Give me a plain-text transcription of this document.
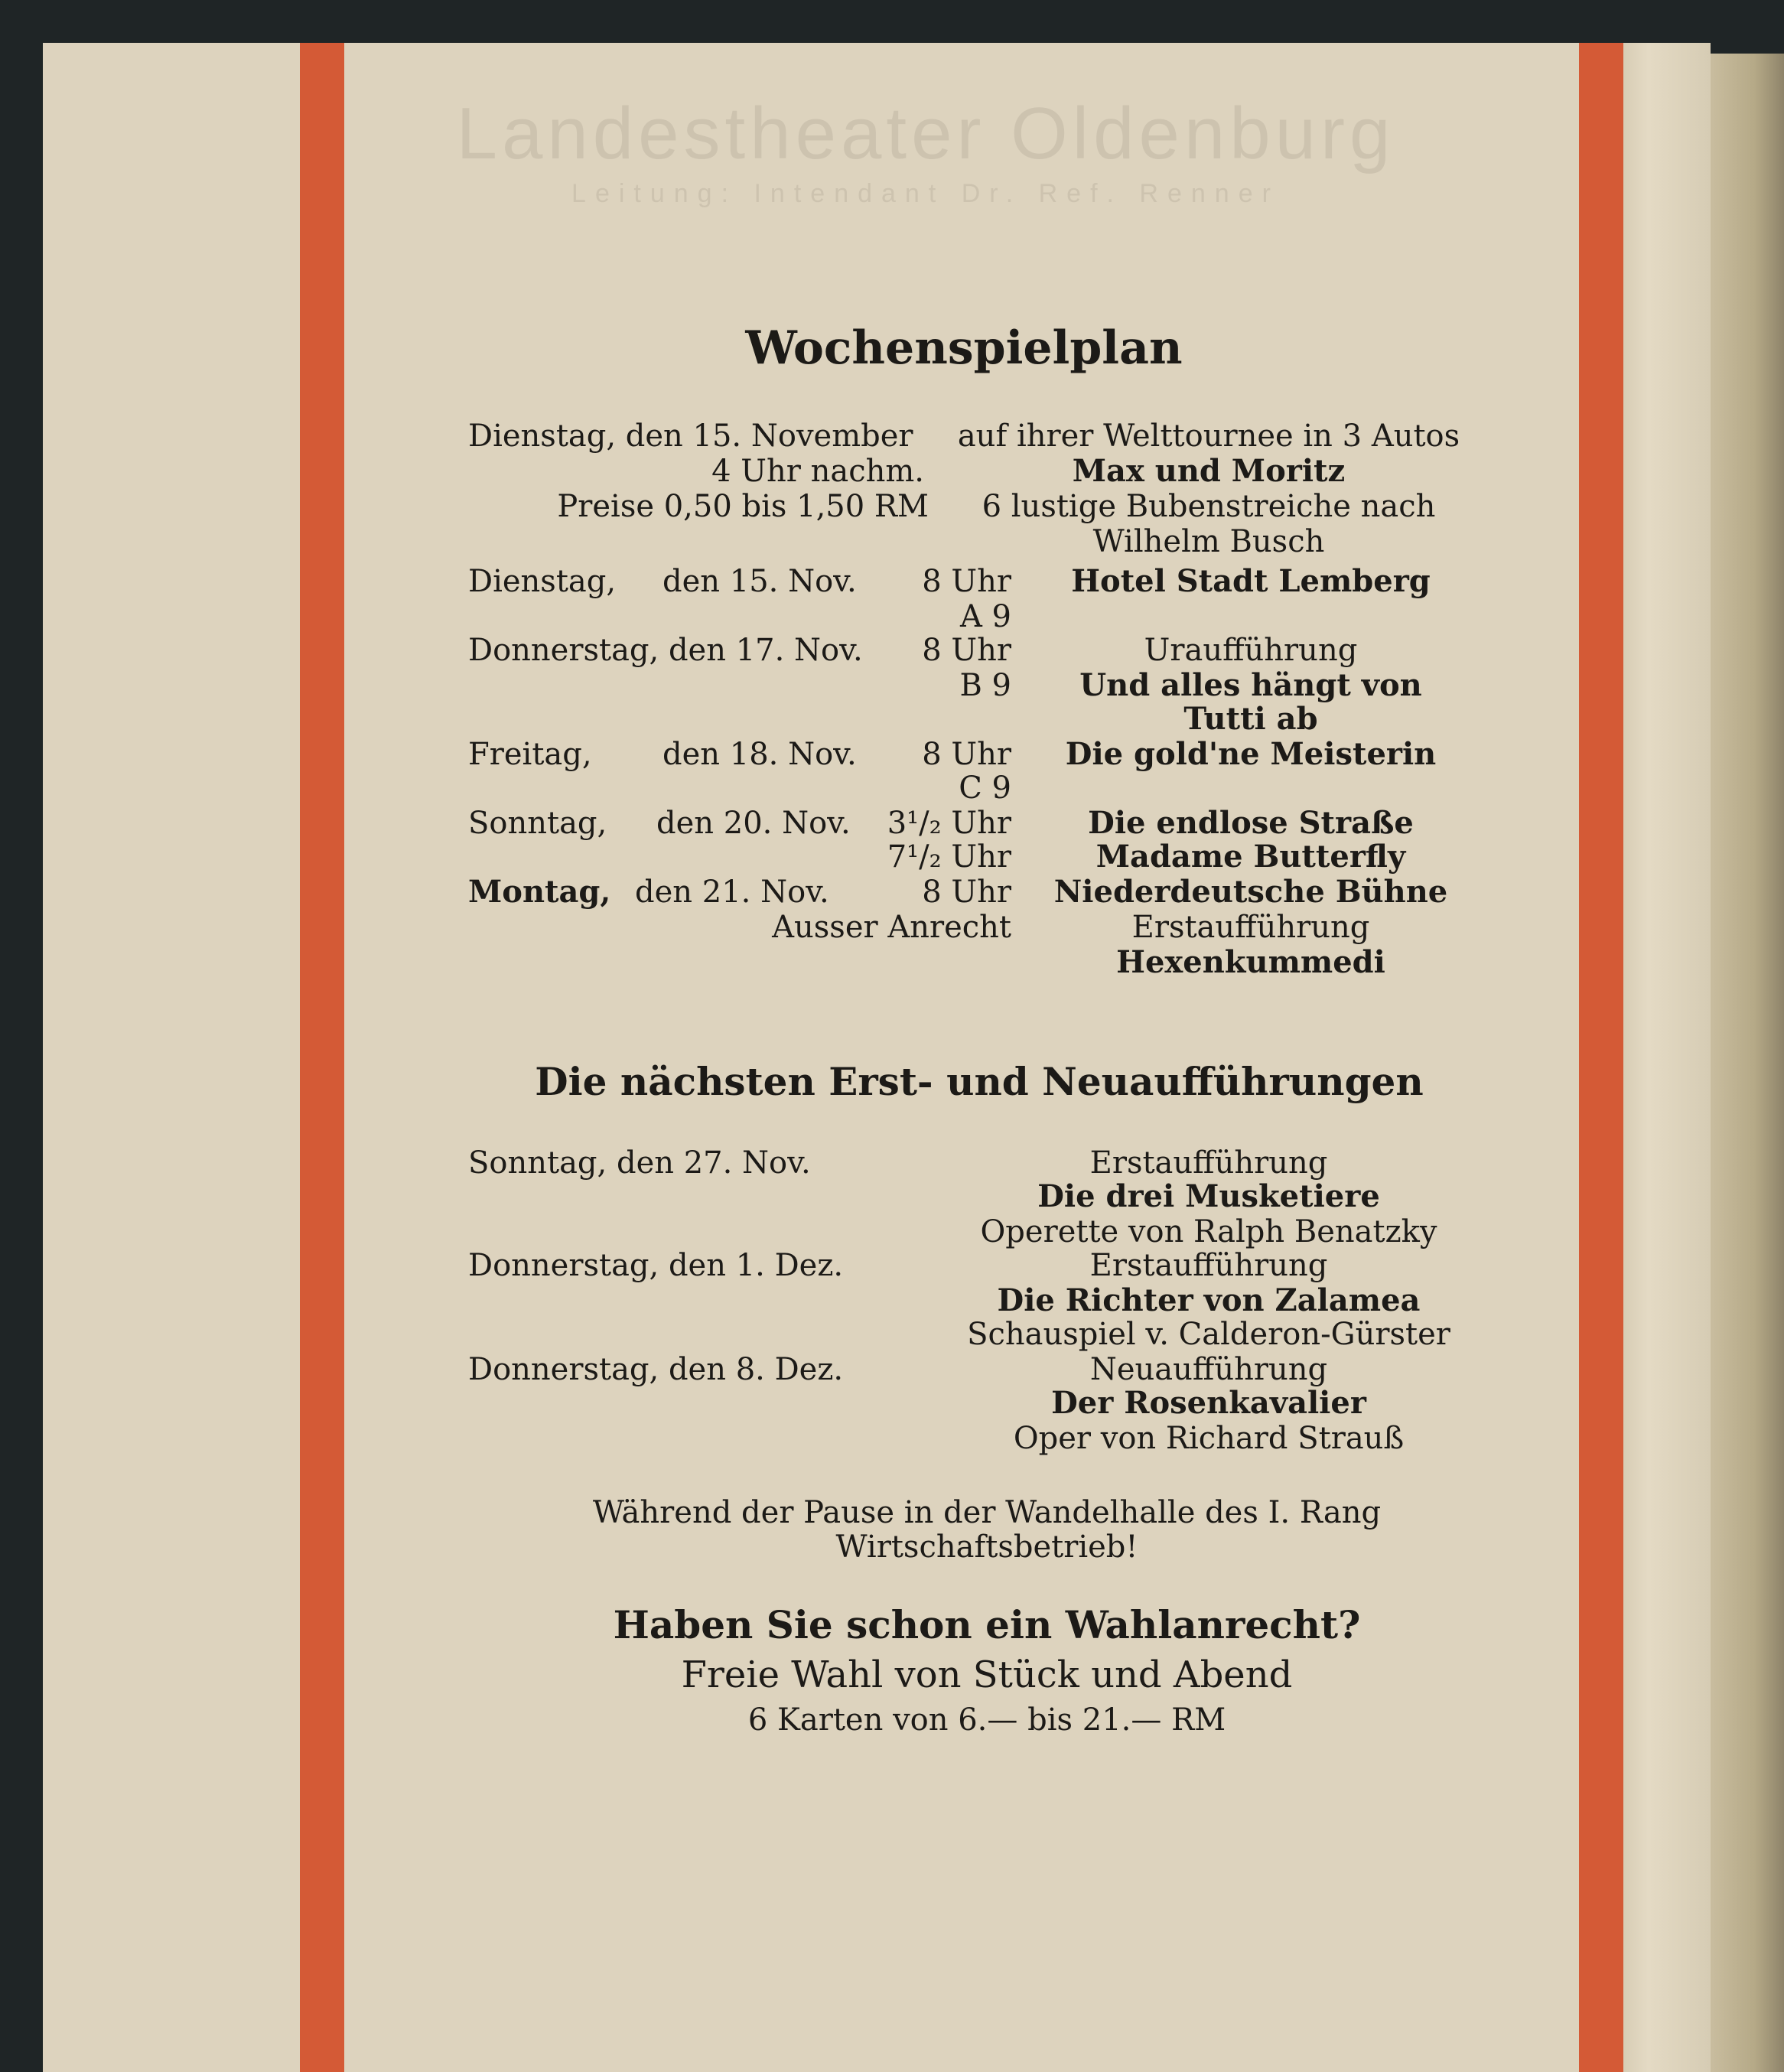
Landestheater Oldenburg
Leitung: Intendant Dr. Ref. Renner
Wochenspielplan
Dienstag, den 15. November	auf ihrer Welttournee in 3 Autos
4 Uhr nachm.	Max und Moritz
Preise 0,50 bis 1,50 RM	6 lustige Bubenstreiche nach
Wilhelm Busch
Dienstag, den 15. Nov.	8 Uhr	Hotel Stadt Lemberg
A 9
Donnerstag, den 17. Nov.	8 Uhr	Uraufführung
B 9	Und alles hängt von
Tutti ab
Freitag, den 18. Nov.	8 Uhr	Die gold'ne Meisterin
C 9
Sonntag, den 20. Nov.	3¹/₂ Uhr	Die endlose Straße
7¹/₂ Uhr	Madame Butterfly
Montag, den 21. Nov.	8 Uhr	Niederdeutsche Bühne
Ausser Anrecht	Erstaufführung
Hexenkummedi
Die nächsten Erst- und Neuaufführungen
Sonntag, den 27. Nov.	Erstaufführung
Die drei Musketiere
Operette von Ralph Benatzky
Donnerstag, den 1. Dez.	Erstaufführung
Die Richter von Zalamea
Schauspiel v. Calderon-Gürster
Donnerstag, den 8. Dez.	Neuaufführung
Der Rosenkavalier
Oper von Richard Strauß
Während der Pause in der Wandelhalle des I. Rang
Wirtschaftsbetrieb!
Haben Sie schon ein Wahlanrecht?
Freie Wahl von Stück und Abend
6 Karten von 6.— bis 21.— RM
